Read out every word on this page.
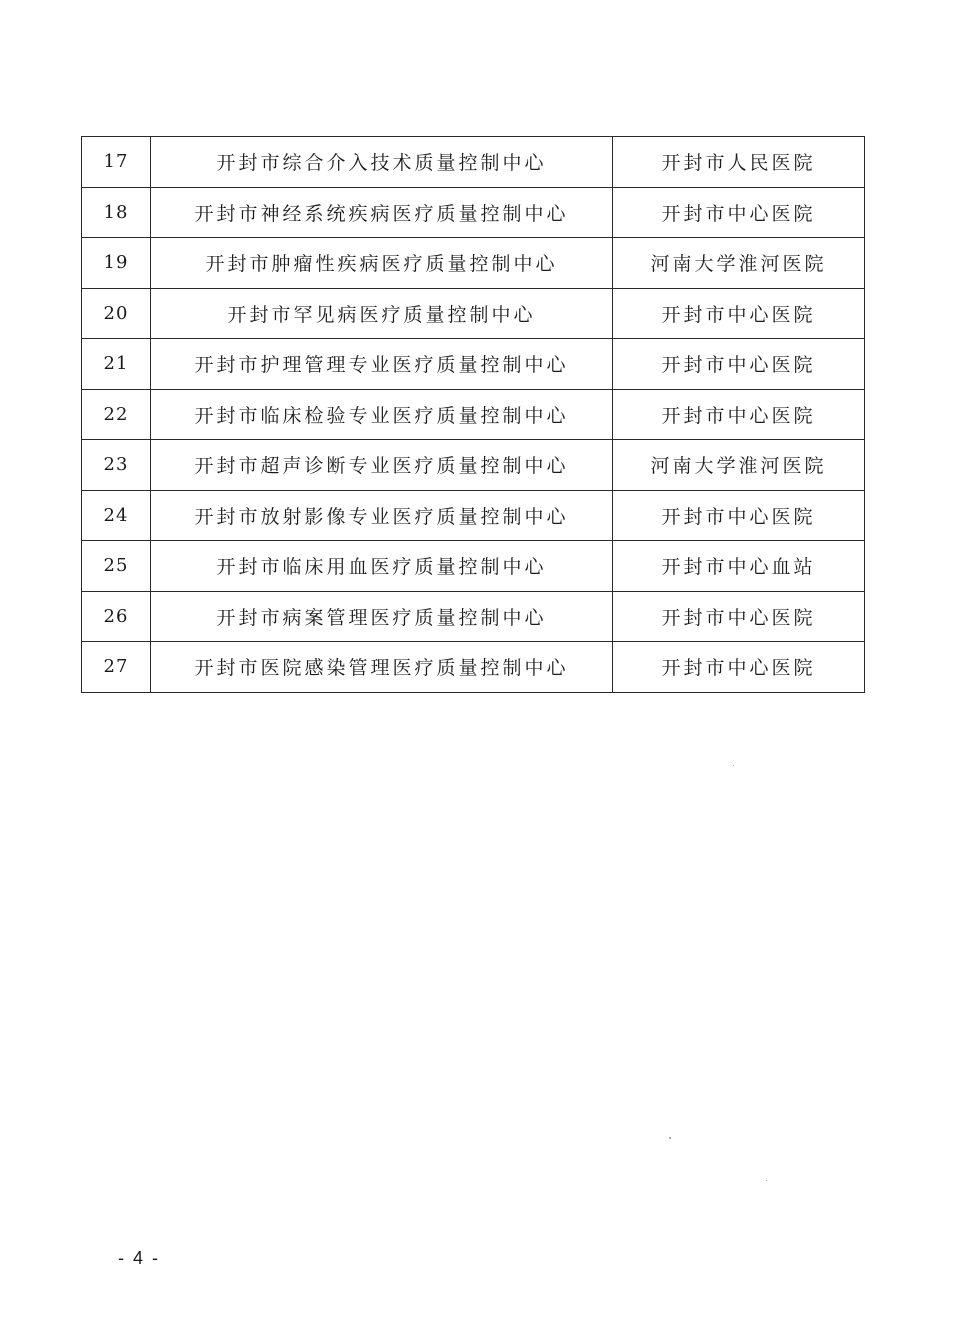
17	开封市综合介入技术质量控制中心	开封市人民医院
18	开封市神经系统疾病医疗质量控制中心	开封市中心医院
19	开封市肿瘤性疾病医疗质量控制中心	河南大学淮河医院
20	开封市罕见病医疗质量控制中心	开封市中心医院
21	开封市护理管理专业医疗质量控制中心	开封市中心医院
22	开封市临床检验专业医疗质量控制中心	开封市中心医院
23	开封市超声诊断专业医疗质量控制中心	河南大学淮河医院
24	开封市放射影像专业医疗质量控制中心	开封市中心医院
25	开封市临床用血医疗质量控制中心	开封市中心血站
26	开封市病案管理医疗质量控制中心	开封市中心医院
27	开封市医院感染管理医疗质量控制中心	开封市中心医院
- 4 -
